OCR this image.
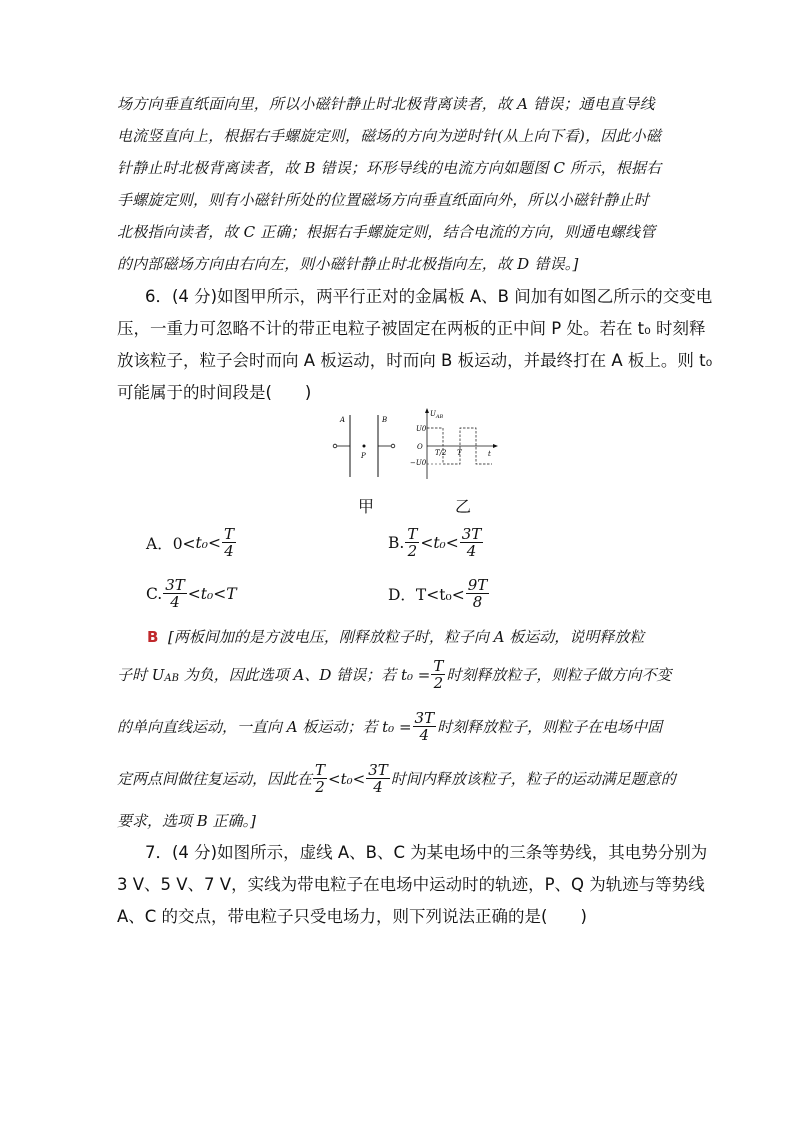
场方向垂直纸面向里，所以小磁针静止时北极背离读者，故 A 错误；通电直导线
电流竖直向上，根据右手螺旋定则，磁场的方向为逆时针(从上向下看)，因此小磁
针静止时北极背离读者，故 B 错误；环形导线的电流方向如题图 C 所示，根据右
手螺旋定则，则有小磁针所处的位置磁场方向垂直纸面向外，所以小磁针静止时
北极指向读者，故 C 正确；根据右手螺旋定则，结合电流的方向，则通电螺线管
的内部磁场方向由右向左，则小磁针静止时北极指向左，故 D 错误。]
6．(4 分)如图甲所示，两平行正对的金属板 A、B 间加有如图乙所示的交变电
压，一重力可忽略不计的带正电粒子被固定在两板的正中间 P 处。若在 t₀ 时刻释
放该粒子，粒子会时而向 A 板运动，时而向 B 板运动，并最终打在 A 板上。则 t₀
可能属于的时间段是(　　)
A	B
P
$U_{AB}$
U0
O
−U0
T/2 T	t
甲	乙
A．$0< t_0 < \frac{T}{4}$	B. $\frac{T}{2} <t_0< \frac{3T}{4}$
C. $\frac{3T}{4} <t_0<T$	D．$T<t_0< \frac{9T}{8}$
B
[两板间加的是方波电压，刚释放粒子时，粒子向 A 板运动，说明释放粒
子时 U AB
为负，因此选项 A、D 错误；若 $t_0 = \frac{T}{2}$ 时刻释放粒子，则粒子做方向不变
的单向直线运动，一直向 A 板运动；若 $t_0 = \frac{3T}{4}$ 时刻释放粒子，则粒子在电场中固
定两点间做往复运动，因此在 $\frac{T}{2} <t_0< \frac{3T}{4}$ 时间内释放该粒子，粒子的运动满足题意的
要求，选项 B 正确。]
7．(4 分)如图所示，虚线 A、B、C 为某电场中的三条等势线，其电势分别为
3 V、5 V、7 V，实线为带电粒子在电场中运动时的轨迹，P、Q 为轨迹与等势线
A、C 的交点，带电粒子只受电场力，则下列说法正确的是(　　)
